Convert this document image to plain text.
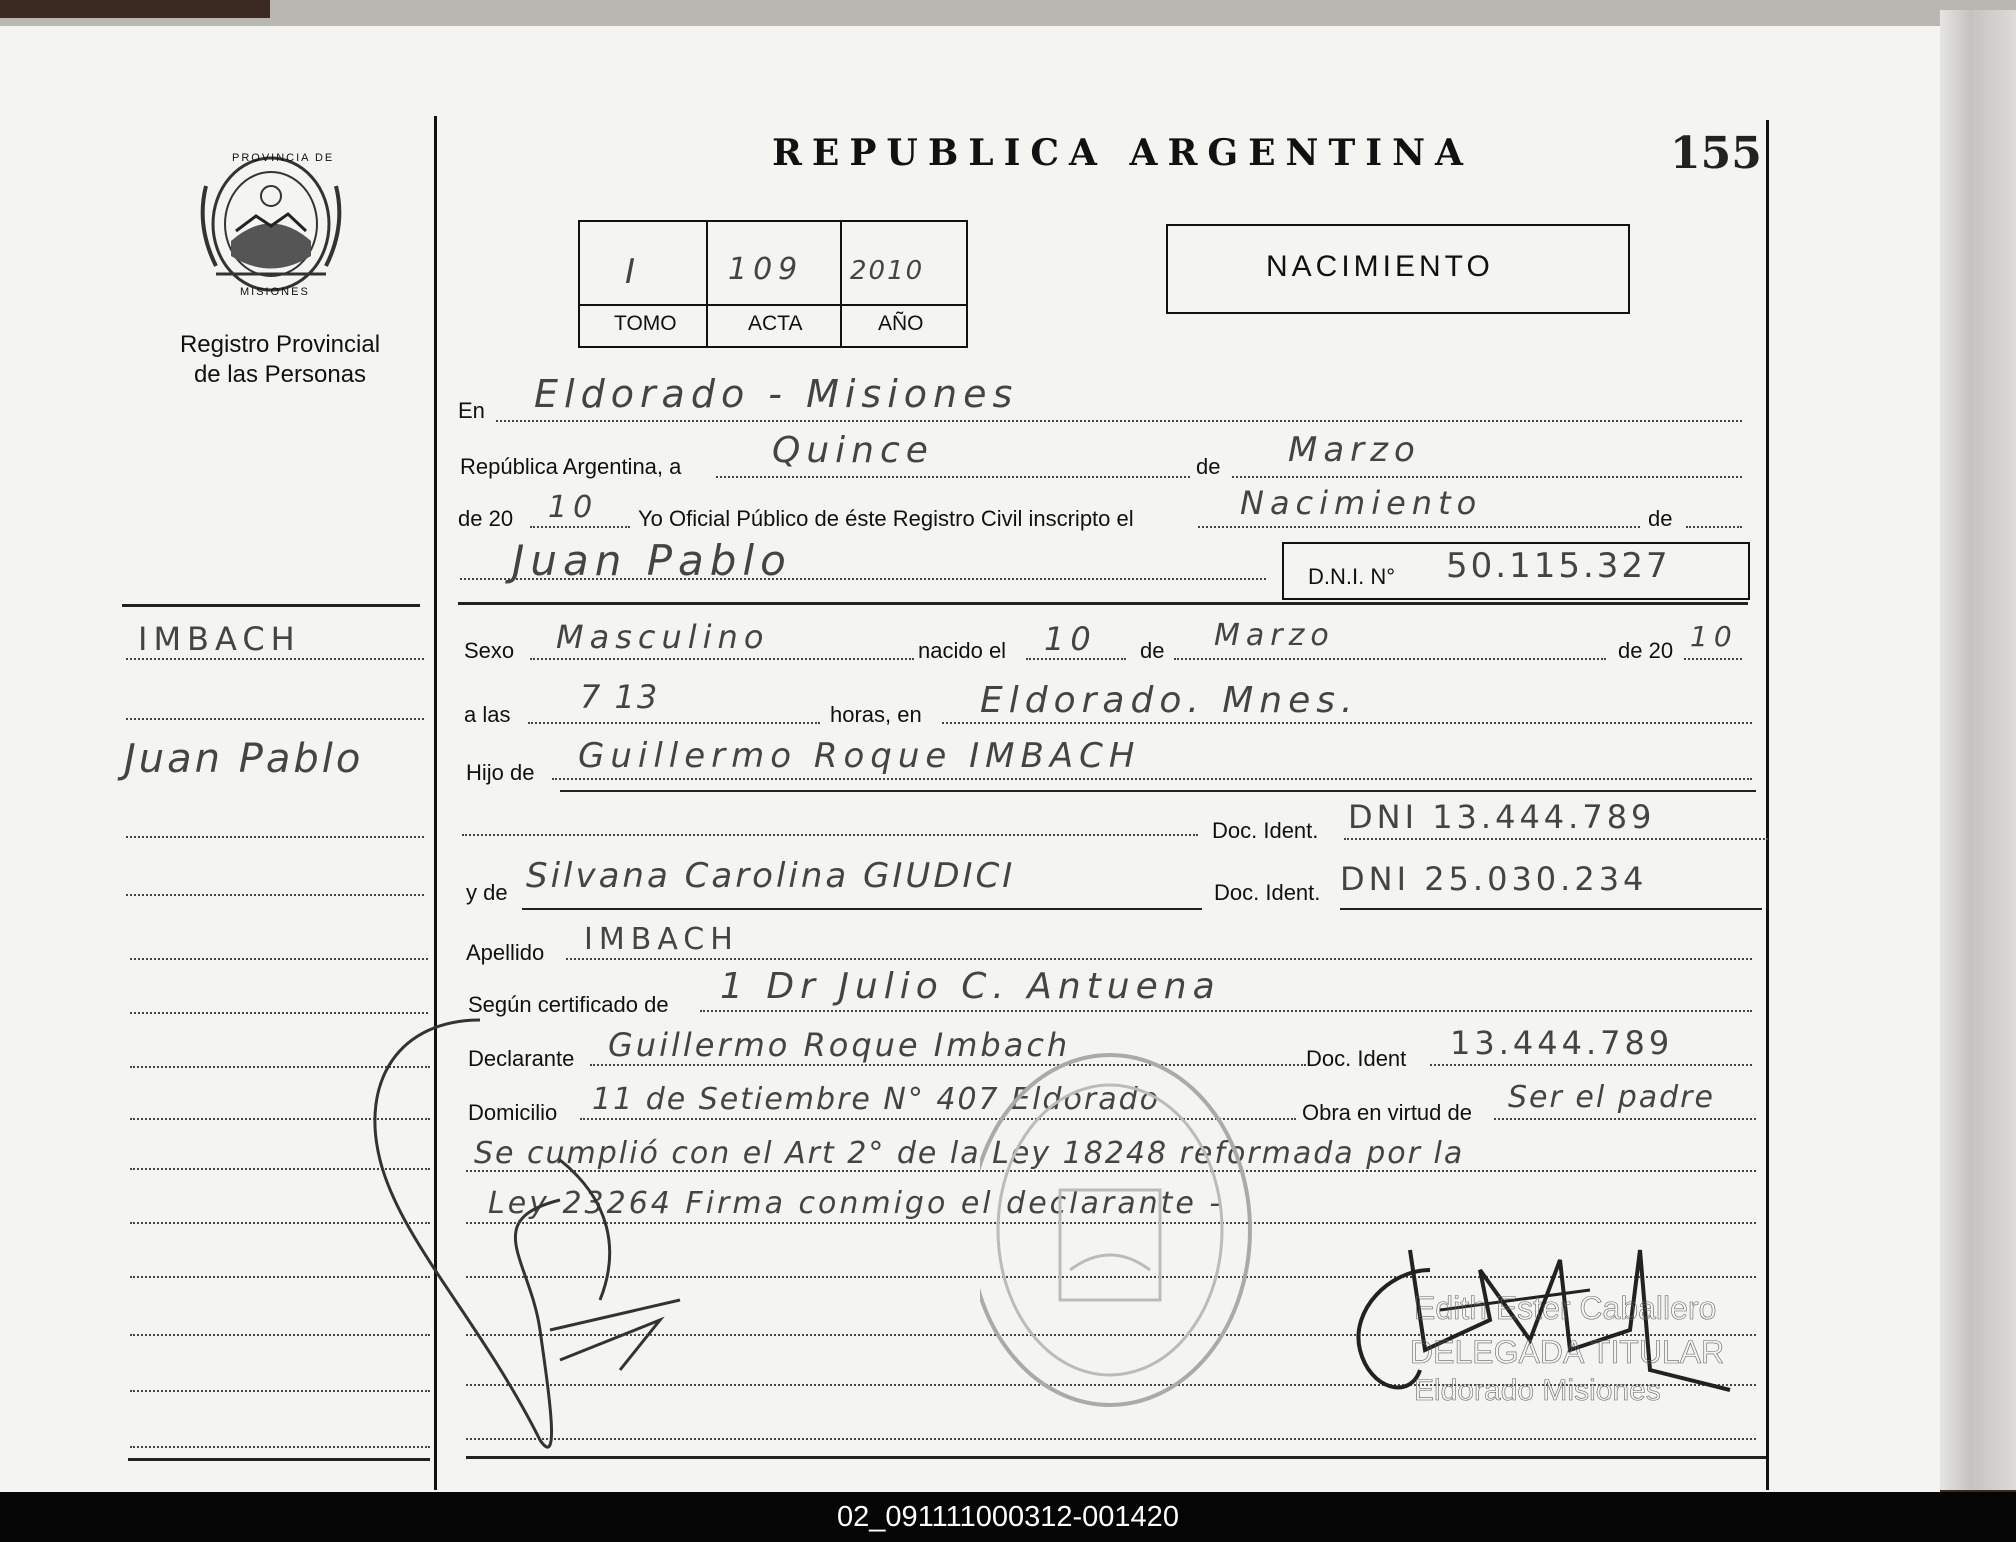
PROVINCIA DE
MISIONES
Registro Provincial
de las Personas
REPUBLICA ARGENTINA	155
I	109 2010
TOMO	ACTA	AÑO
NACIMIENTO
IMBACH
Juan Pablo
En Eldorado - Misiones
República Argentina, a	Quince	de Marzo
de 20 10 Yo Oficial Público de éste Registro Civil inscripto el	Nacimiento	de
Juan Pablo	D.N.I. N° 50.115.327
Sexo Masculino	nacido el 10 de Marzo	de 20 10
a las 7 13	horas, en Eldorado. Mnes.
Hijo de Guillermo Roque IMBACH
Doc. Ident. DNI 13.444.789
y de Silvana Carolina GIUDICI	Doc. Ident. DNI 25.030.234
Apellido IMBACH
Según certificado de 1 Dr Julio C. Antuena
Declarante Guillermo Roque Imbach	Doc. Ident 13.444.789
Domicilio 11 de Setiembre N° 407 Eldorado	Obra en virtud de Ser el padre
Se cumplió con el Art 2° de la Ley 18248 reformada por la
Ley 23264 Firma conmigo el declarante -
Edith Ester Caballero
DELEGADA TITULAR
Eldorado Misiones
02_091111000312-001420
